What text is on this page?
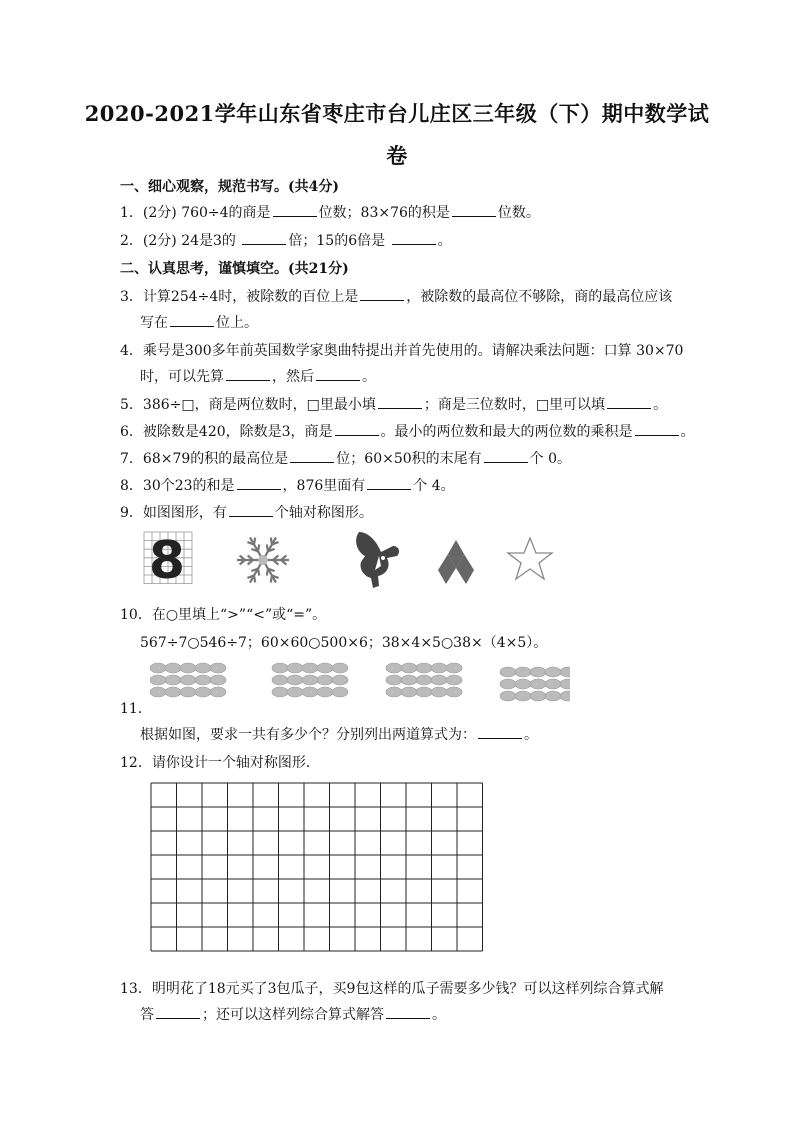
2020-2021学年山东省枣庄市台儿庄区三年级（下）期中数学试
卷
一、细心观察，规范书写。(共4分)
1．(2分) 760÷4的商是	位数；83×76的积是	位数。
2．(2分) 24是3的	倍；15的6倍是	。
二、认真思考，谨慎填空。(共21分)
3．计算254÷4时，被除数的百位上是	，被除数的最高位不够除，商的最高位应该
写在	位上。
4．乘号是300多年前英国数学家奥曲特提出并首先使用的。请解决乘法问题：口算 30×70
时，可以先算	，然后	。
5．386÷□，商是两位数时，□里最小填	；商是三位数时，□里可以填	。
6．被除数是420，除数是3，商是	。最小的两位数和最大的两位数的乘积是	。
7．68×79的积的最高位是	位；60×50积的末尾有	个 0。
8．30个23的和是	，876里面有	个 4。
9．如图图形，有	个轴对称图形。
8
10．在○里填上“>”“<”或“=”。
567÷7○546÷7；60×60○500×6；38×4×5○38×（4×5）。
11．
根据如图，要求一共有多少个？分别列出两道算式为：	。
12．请你设计一个轴对称图形．
13．明明花了18元买了3包瓜子，买9包这样的瓜子需要多少钱？可以这样列综合算式解
答	；还可以这样列综合算式解答	。
